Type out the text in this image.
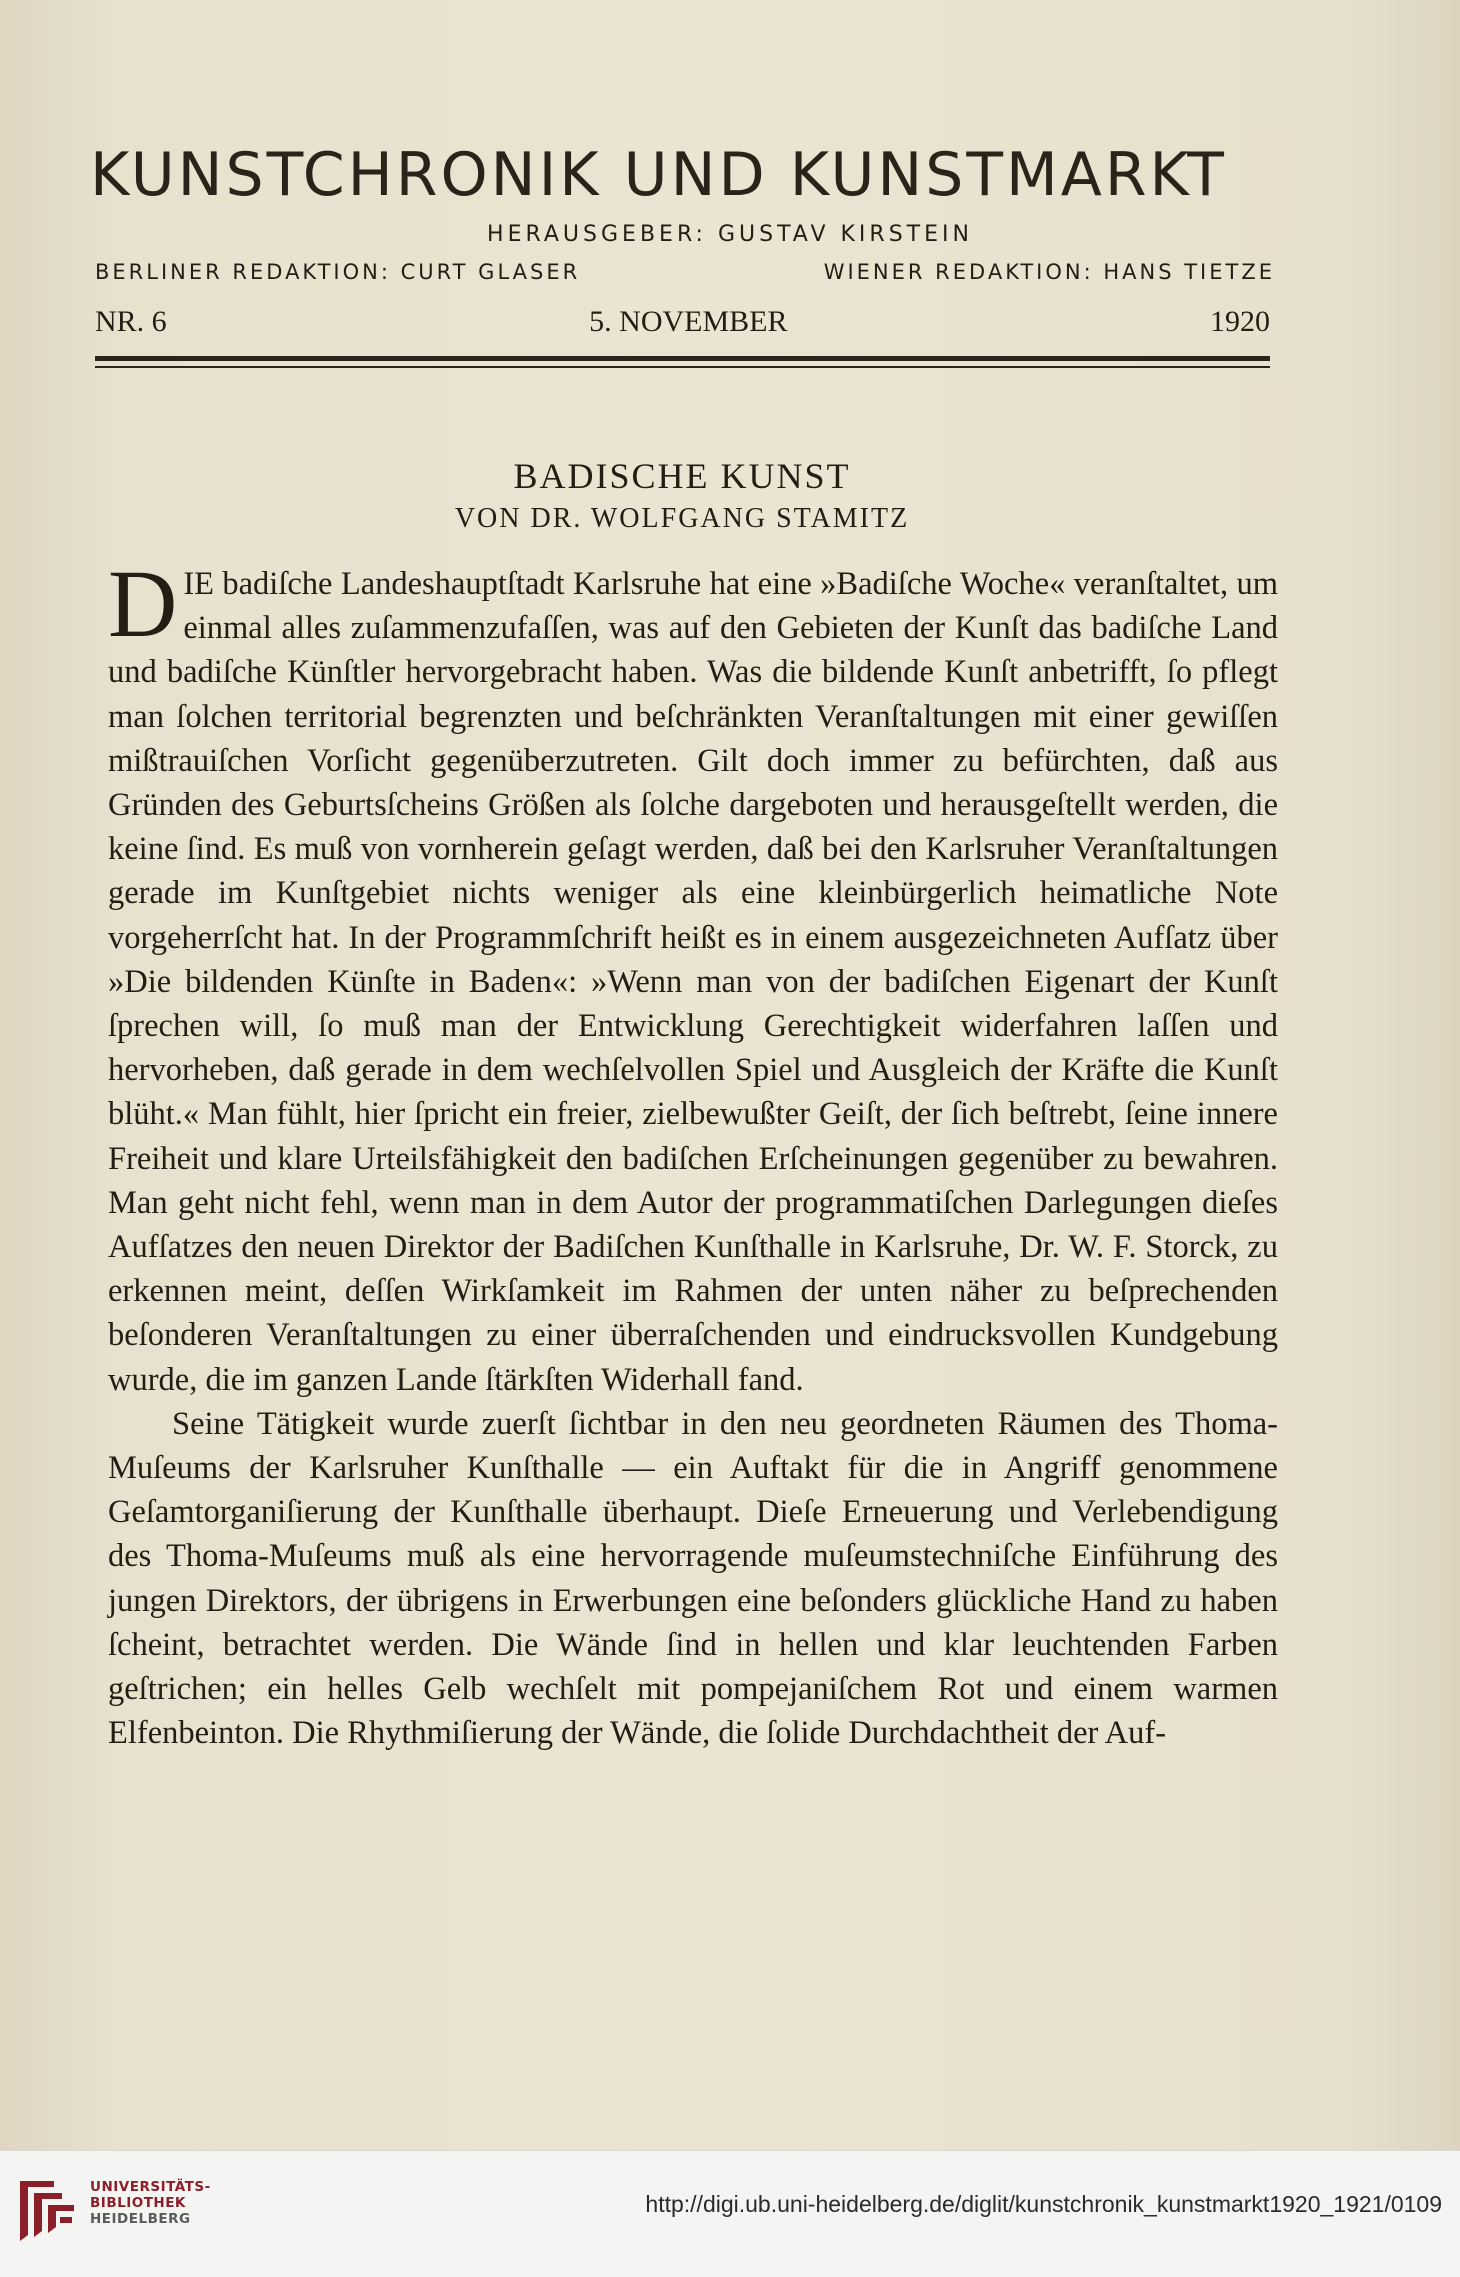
KUNSTCHRONIK UND KUNSTMARKT
HERAUSGEBER: GUSTAV KIRSTEIN
BERLINER REDAKTION: CURT GLASER	WIENER REDAKTION: HANS TIETZE
NR. 6	5. NOVEMBER	1920
BADISCHE KUNST
VON DR. WOLFGANG STAMITZ

DIE badiſche Landeshauptſtadt Karlsruhe hat eine »Badiſche Woche« veranſtaltet, um einmal alles zuſammenzufaſſen, was auf den Gebieten der Kunſt das badiſche Land und badiſche Künſtler hervorgebracht haben. Was die bildende Kunſt anbetrifft, ſo pflegt man ſolchen territorial begrenzten und beſchränkten Veranſtaltungen mit einer gewiſſen mißtrauiſchen Vorſicht gegenüberzutreten. Gilt doch immer zu befürchten, daß aus Gründen des Geburtsſcheins Größen als ſolche dargeboten und herausgeſtellt werden, die keine ſind. Es muß von vornherein geſagt werden, daß bei den Karlsruher Veranſtaltungen gerade im Kunſtgebiet nichts weniger als eine kleinbürgerlich heimatliche Note vorgeherrſcht hat. In der Programmſchrift heißt es in einem ausgezeichneten Aufſatz über »Die bildenden Künſte in Baden«: »Wenn man von der badiſchen Eigenart der Kunſt ſprechen will, ſo muß man der Entwicklung Gerechtigkeit widerfahren laſſen und hervorheben, daß gerade in dem wechſelvollen Spiel und Ausgleich der Kräfte die Kunſt blüht.« Man fühlt, hier ſpricht ein freier, zielbewußter Geiſt, der ſich beſtrebt, ſeine innere Freiheit und klare Urteilsfähigkeit den badiſchen Erſcheinungen gegenüber zu bewahren. Man geht nicht fehl, wenn man in dem Autor der programmatiſchen Darlegungen dieſes Aufſatzes den neuen Direktor der Badiſchen Kunſthalle in Karlsruhe, Dr. W. F. Storck, zu erkennen meint, deſſen Wirkſamkeit im Rahmen der unten näher zu beſprechenden beſonderen Veranſtaltungen zu einer überraſchenden und eindrucksvollen Kundgebung wurde, die im ganzen Lande ſtärkſten Widerhall fand.

Seine Tätigkeit wurde zuerſt ſichtbar in den neu geordneten Räumen des Thoma-Muſeums der Karlsruher Kunſthalle — ein Auftakt für die in Angriff genommene Geſamtorganiſierung der Kunſthalle überhaupt. Dieſe Erneuerung und Verlebendigung des Thoma-Muſeums muß als eine hervorragende muſeumstechniſche Einführung des jungen Direktors, der übrigens in Erwerbungen eine beſonders glückliche Hand zu haben ſcheint, betrachtet werden. Die Wände ſind in hellen und klar leuchtenden Farben geſtrichen; ein helles Gelb wechſelt mit pompejaniſchem Rot und einem warmen Elfenbeinton. Die Rhythmiſierung der Wände, die ſolide Durchdachtheit der Auf-

UNIVERSITÄTS-
BIBLIOTHEK
HEIDELBERG
http://digi.ub.uni-heidelberg.de/diglit/kunstchronik_kunstmarkt1920_1921/0109
